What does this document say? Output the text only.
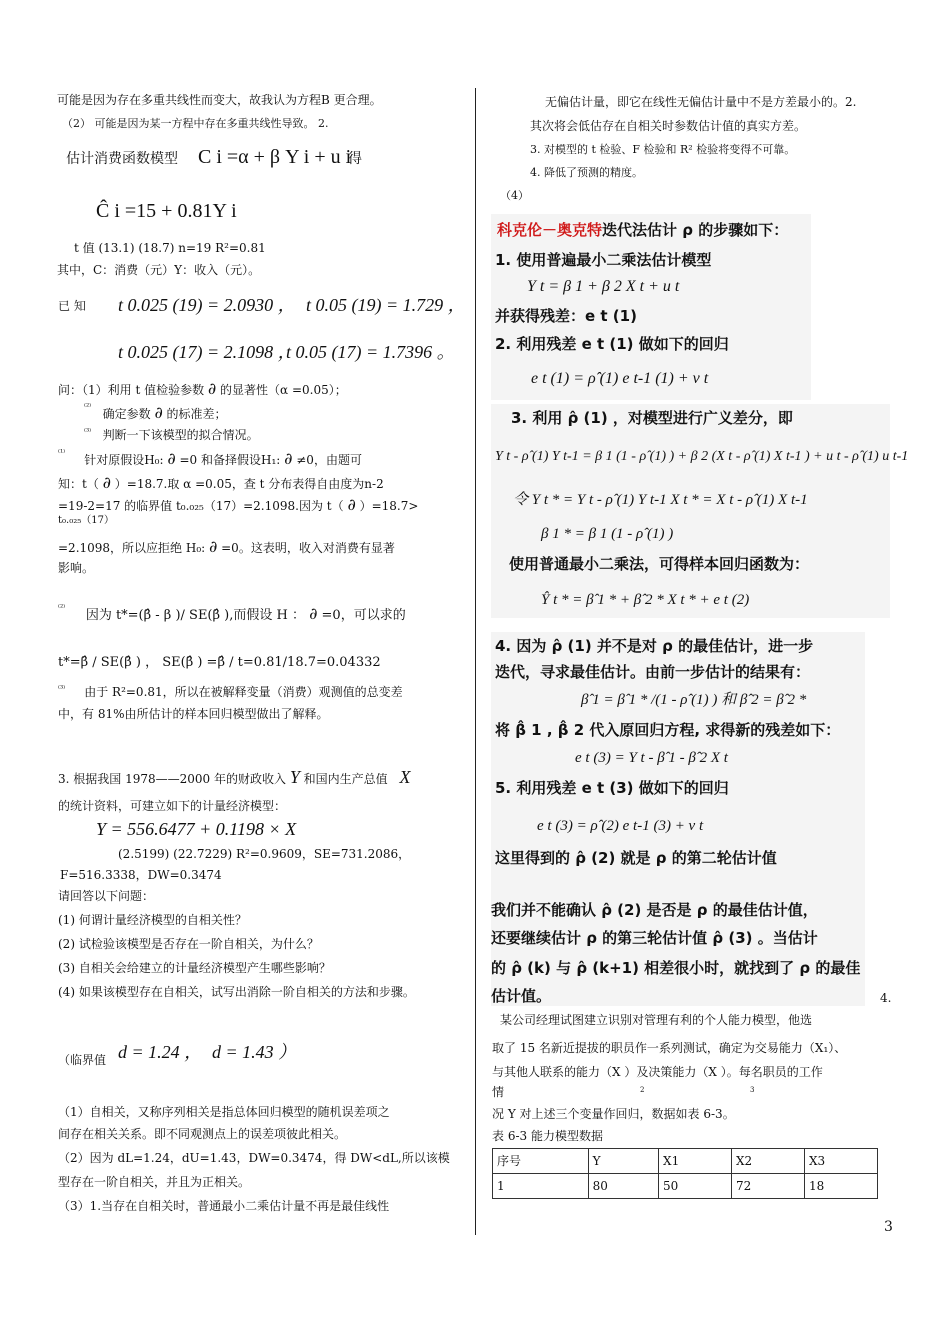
可能是因为存在多重共线性而变大，故我认为方程B 更合理。
（2） 可能是因为某一方程中存在多重共线性导致。 2.
估计消费函数模型 C i =α + β Y i + u i
得
Ĉ i =15 + 0.81Y i
t 值 (13.1) (18.7) n=19 R²=0.81
其中，C：消费（元）Y：收入（元）。
已 知 t 0.025 (19) = 2.0930 ， t 0.05 (19) = 1.729 ，
t 0.025 (17) = 2.1098 ，
t 0.05 (17) = 1.7396 。
问：（1）利用 t 值检验参数 ∂ 的显著性（α =0.05）；
$^{^{(2)}}$   确定参数 ∂ 的标准差；
$^{^{(3)}}$ 判断一下该模型的拟合情况。
$^{^{(1)}}$     针对原假设H₀: ∂ =0 和备择假设H₁: ∂ ≠0，由题可
知：t（ ∂ ）=18.7.取 α =0.05，查 t 分布表得自由度为n-2
=19-2=17 的临界值 t₀.₀₂₅（17）=2.1098.因为 t（ ∂ ）=18.7>
t₀.₀₂₅（17）
=2.1098，所以应拒绝 H₀: ∂ =0。这表明，收入对消费有显著
影响。
$^{^{(2)}}$     因为 t*=(β̂ - β )/ SE(β̂ ),而假设 H ： ∂ =0，可以求的
t*=β̂ / SE(β̂ ) ， SE(β̂ ) =β̂ / t=0.81/18.7=0.04332
$^{^{(3)}}$ 由于 R²=0.81，所以在被解释变量（消费）观测值的总变差
中，有 81%由所估计的样本回归模型做出了解释。
3. 根据我国 1978——2000 年的财政收入 Y 和国内生产总值 X
的统计资料，可建立如下的计量经济模型：
Y = 556.6477 + 0.1198 × X
(2.5199) (22.7229) R²=0.9609，SE=731.2086，
F=516.3338，DW=0.3474
请回答以下问题：
(1) 何谓计量经济模型的自相关性？
(2) 试检验该模型是否存在一阶自相关，为什么？
(3) 自相关会给建立的计量经济模型产生哪些影响？
(4) 如果该模型存在自相关，试写出消除一阶自相关的方法和步骤。
（临界值 d = 1.24 ， d = 1.43 ）
（1）自相关，又称序列相关是指总体回归模型的随机误差项之
间存在相关关系。即不同观测点上的误差项彼此相关。
（2）因为 dL=1.24，dU=1.43，DW=0.3474，得 DW<dL,所以该模
型存在一阶自相关，并且为正相关。
（3）1.当存在自相关时，普通最小二乘估计量不再是最佳线性
无偏估计量，即它在线性无偏估计量中不是方差最小的。2.
其次将会低估存在自相关时参数估计值的真实方差。
3. 对模型的 t 检验、F 检验和 R² 检验将变得不可靠。
4. 降低了预测的精度。
（4）
科克伦－奥克特迭代法估计 ρ 的步骤如下：
1. 使用普遍最小二乘法估计模型
Y t = β 1 + β 2 X t + u t
并获得残差：e t (1)
2. 利用残差 e t (1) 做如下的回归
e t (1) = ρ̂ (1) e t-1 (1) + v t
3. 利用 ρ̂ (1) ，对模型进行广义差分，即
Y t - ρ̂ (1) Y t-1 = β 1 (1 - ρ̂ (1) ) + β 2 (X t - ρ̂ (1) X t-1 ) + u t - ρ̂ (1) u t-1
令 Y t * = Y t - ρ̂ (1) Y t-1 X t * = X t - ρ̂ (1) X t-1
β 1 * = β 1 (1 - ρ̂ (1) )
使用普通最小二乘法，可得样本回归函数为：
Ŷ t * = β̂ 1 * + β̂ 2 * X t * + e t (2)
4. 因为 ρ̂ (1) 并不是对 ρ 的最佳估计，进一步
迭代，寻求最佳估计。由前一步估计的结果有：
β̂ 1 = β̂ 1 * /(1 - ρ̂ (1) ) 和 β̂ 2 = β̂ 2 *
将 β̂ 1 , β̂ 2 代入原回归方程, 求得新的残差如下：
e t (3) = Y t - β̂ 1 - β̂ 2 X t
5. 利用残差 e t (3) 做如下的回归
e t (3) = ρ̂ (2) e t-1 (3) + v t
这里得到的 ρ̂ (2) 就是 ρ 的第二轮估计值
我们并不能确认 ρ̂ (2) 是否是 ρ 的最佳估计值，
还要继续估计 ρ 的第三轮估计值 ρ̂ (3) 。当估计
的 ρ̂ (k) 与 ρ̂ (k+1) 相差很小时，就找到了 ρ 的最佳
估计值。	4.
某公司经理试图建立识别对管理有利的个人能力模型，他选
取了 15 名新近提拔的职员作一系列测试，确定为交易能力（X₁）、
与其他人联系的能力（X ）及决策能力（X ）。每名职员的工作
2	3
情
况 Y 对上述三个变量作回归，数据如表 6-3。
表 6-3 能力模型数据
序号	Y	X1	X2	X3
1	80	50	72	18
3
